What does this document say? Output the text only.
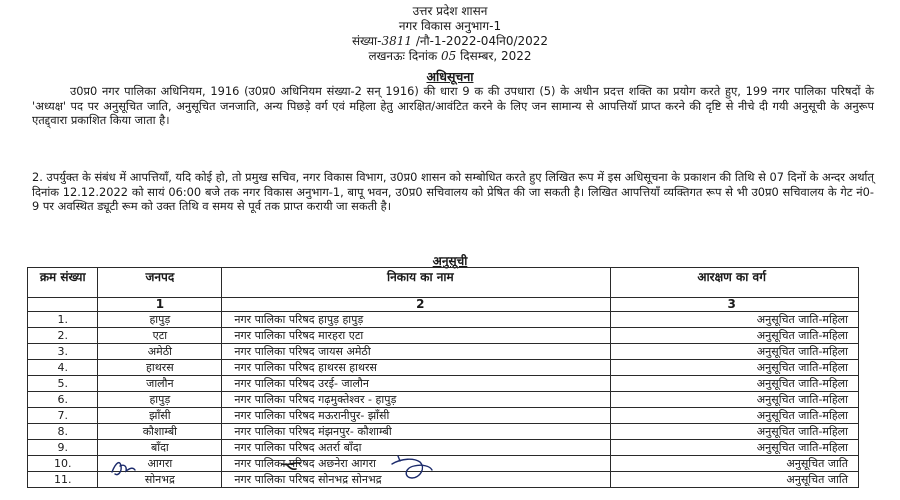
उत्तर प्रदेश शासन
नगर विकास अनुभाग-1
संख्या-3811 /नौ-1-2022-04नि0/2022
लखनऊः दिनांक 05 दिसम्बर, 2022
अधिसूचना
उ0प्र0 नगर पालिका अधिनियम, 1916 (उ0प्र0 अधिनियम संख्या-2 सन् 1916) की धारा 9 क की उपधारा (5) के अधीन प्रदत्त शक्ति का प्रयोग करते हुए, 199 नगर पालिका परिषदों के 'अध्यक्ष' पद पर अनुसूचित जाति, अनुसूचित जनजाति, अन्य पिछड़े वर्ग एवं महिला हेतु आरक्षित/आवंटित करने के लिए जन सामान्य से आपत्तियॉ प्राप्त करने की दृष्टि से नीचे दी गयी अनुसूची के अनुरूप एतद्द्वारा प्रकाशित किया जाता है।
2. उपर्युक्त के संबंध में आपत्तियॉं, यदि कोई हो, तो प्रमुख सचिव, नगर विकास विभाग, उ0प्र0 शासन को सम्बोधित करते हुए लिखित रूप में इस अधिसूचना के प्रकाशन की तिथि से 07 दिनों के अन्दर अर्थात् दिनांक 12.12.2022 को सायं 06:00 बजे तक नगर विकास अनुभाग-1, बापू भवन, उ0प्र0 सचिवालय को प्रेषित की जा सकती है। लिखित आपत्तियॉं व्यक्तिगत रूप से भी उ0प्र0 सचिवालय के गेट नं0-9 पर अवस्थित ड्यूटी रूम को उक्त तिथि व समय से पूर्व तक प्राप्त करायी जा सकती है।
अनुसूची
क्रम संख्या	जनपद	निकाय का नाम	आरक्षण का वर्ग
	1	2	3
1.	हापुड़	नगर पालिका परिषद हापुड़ हापुड़	अनुसूचित जाति-महिला
2.	एटा	नगर पालिका परिषद मारहरा एटा	अनुसूचित जाति-महिला
3.	अमेठी	नगर पालिका परिषद जायस अमेठी	अनुसूचित जाति-महिला
4.	हाथरस	नगर पालिका परिषद हाथरस हाथरस	अनुसूचित जाति-महिला
5.	जालौन	नगर पालिका परिषद उरई- जालौन	अनुसूचित जाति-महिला
6.	हापुड़	नगर पालिका परिषद गढ़मुक्तेश्वर - हापुड़	अनुसूचित जाति-महिला
7.	झाँसी	नगर पालिका परिषद मऊरानीपुर- झाँसी	अनुसूचित जाति-महिला
8.	कौशाम्बी	नगर पालिका परिषद मंझनपुर- कौशाम्बी	अनुसूचित जाति-महिला
9.	बाँदा	नगर पालिका परिषद अतर्रा बाँदा	अनुसूचित जाति-महिला
10.	आगरा	नगर पालिका परिषद अछनेरा आगरा	अनुसूचित जाति
11.	सोनभद्र	नगर पालिका परिषद सोनभद्र सोनभद्र	अनुसूचित जाति
